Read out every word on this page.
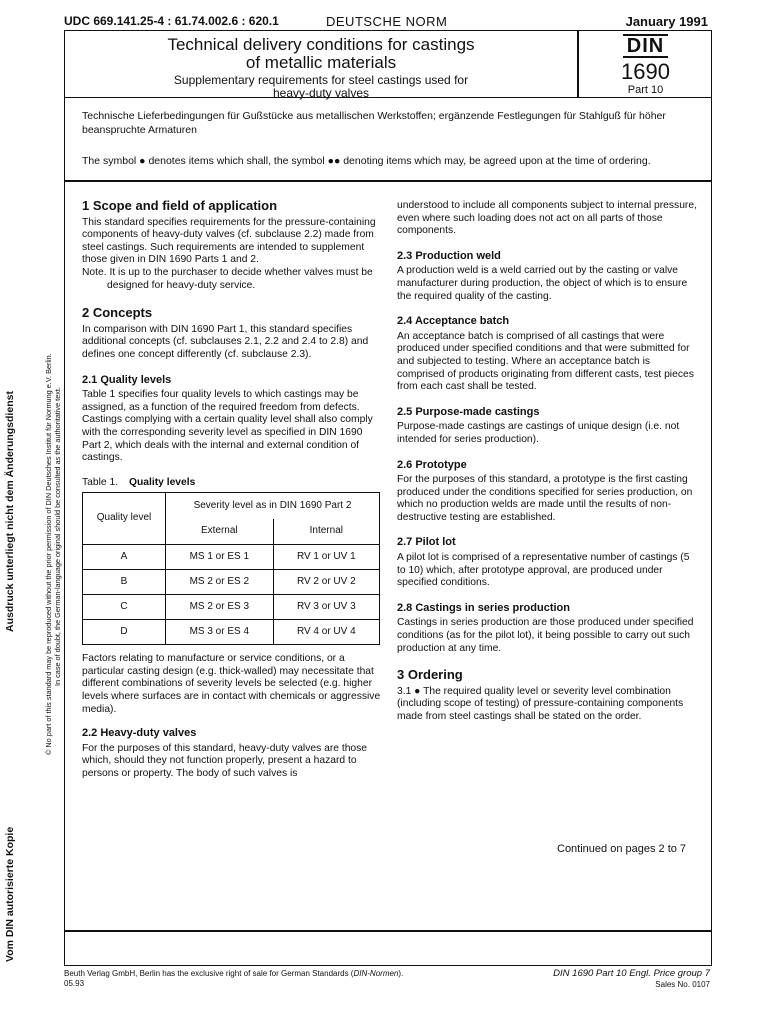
UDC 669.141.25-4 : 61.74.002.6 : 620.1	DEUTSCHE NORM	January 1991
Technical delivery conditions for castings
of metallic materials
Supplementary requirements for steel castings used for
heavy-duty valves
DIN
1690
Part 10
Technische Lieferbedingungen für Gußstücke aus metallischen Werkstoffen; ergänzende Festlegungen für Stahlguß für höher beanspruchte Armaturen
The symbol ● denotes items which shall, the symbol ●● denoting items which may, be agreed upon at the time of ordering.

1 Scope and field of application

This standard specifies requirements for the pressure-containing components of heavy-duty valves (cf. subclause 2.2) made from steel castings. Such requirements are intended to supplement those given in DIN 1690 Parts 1 and 2.

Note. It is up to the purchaser to decide whether valves must be designed for heavy-duty service.

2 Concepts

In comparison with DIN 1690 Part 1, this standard specifies additional concepts (cf. subclauses 2.1, 2.2 and 2.4 to 2.8) and defines one concept differently (cf. subclause 2.3).

2.1 Quality levels

Table 1 specifies four quality levels to which castings may be assigned, as a function of the required freedom from defects. Castings complying with a certain quality level shall also comply with the corresponding severity level as specified in DIN 1690 Part 2, which deals with the internal and external condition of castings.

Table 1. Quality levels

Quality level	Severity level as in DIN 1690 Part 2	
	External	Internal
A	MS 1 or ES 1	RV 1 or UV 1
B	MS 2 or ES 2	RV 2 or UV 2
C	MS 2 or ES 3	RV 3 or UV 3
D	MS 3 or ES 4	RV 4 or UV 4

Factors relating to manufacture or service conditions, or a particular casting design (e.g. thick-walled) may necessitate that different combinations of severity levels be selected (e.g. higher levels where surfaces are in contact with chemicals or aggressive media).

2.2 Heavy-duty valves

For the purposes of this standard, heavy-duty valves are those which, should they not function properly, present a hazard to persons or property. The body of such valves is

understood to include all components subject to internal pressure, even where such loading does not act on all parts of those components.

2.3 Production weld

A production weld is a weld carried out by the casting or valve manufacturer during production, the object of which is to ensure the required quality of the casting.

2.4 Acceptance batch

An acceptance batch is comprised of all castings that were produced under specified conditions and that were submitted for and subjected to testing. Where an acceptance batch is comprised of products originating from different casts, test pieces from each cast shall be tested.

2.5 Purpose-made castings

Purpose-made castings are castings of unique design (i.e. not intended for series production).

2.6 Prototype

For the purposes of this standard, a prototype is the first casting produced under the conditions specified for series production, on which no production welds are made until the results of non-destructive testing are established.

2.7 Pilot lot

A pilot lot is comprised of a representative number of castings (5 to 10) which, after prototype approval, are produced under specified conditions.

2.8 Castings in series production

Castings in series production are those produced under specified conditions (as for the pilot lot), it being possible to carry out such production at any time.

3 Ordering

3.1 ● The required quality level or severity level combination (including scope of testing) of pressure-containing components made from steel castings shall be stated on the order.

Continued on pages 2 to 7
Beuth Verlag GmbH, Berlin has the exclusive right of sale for German Standards (DIN-Normen).
05.93
DIN 1690 Part 10 Engl. Price group 7
Sales No. 0107
© No part of this standard may be reproduced without the prior permission of DIN Deutsches Institut für Normung e.V. Berlin. In case of doubt, the German-language original should be consulted as the authoritative text.
Ausdruck unterliegt nicht dem Änderungsdienst
Vom DIN autorisierte Kopie
